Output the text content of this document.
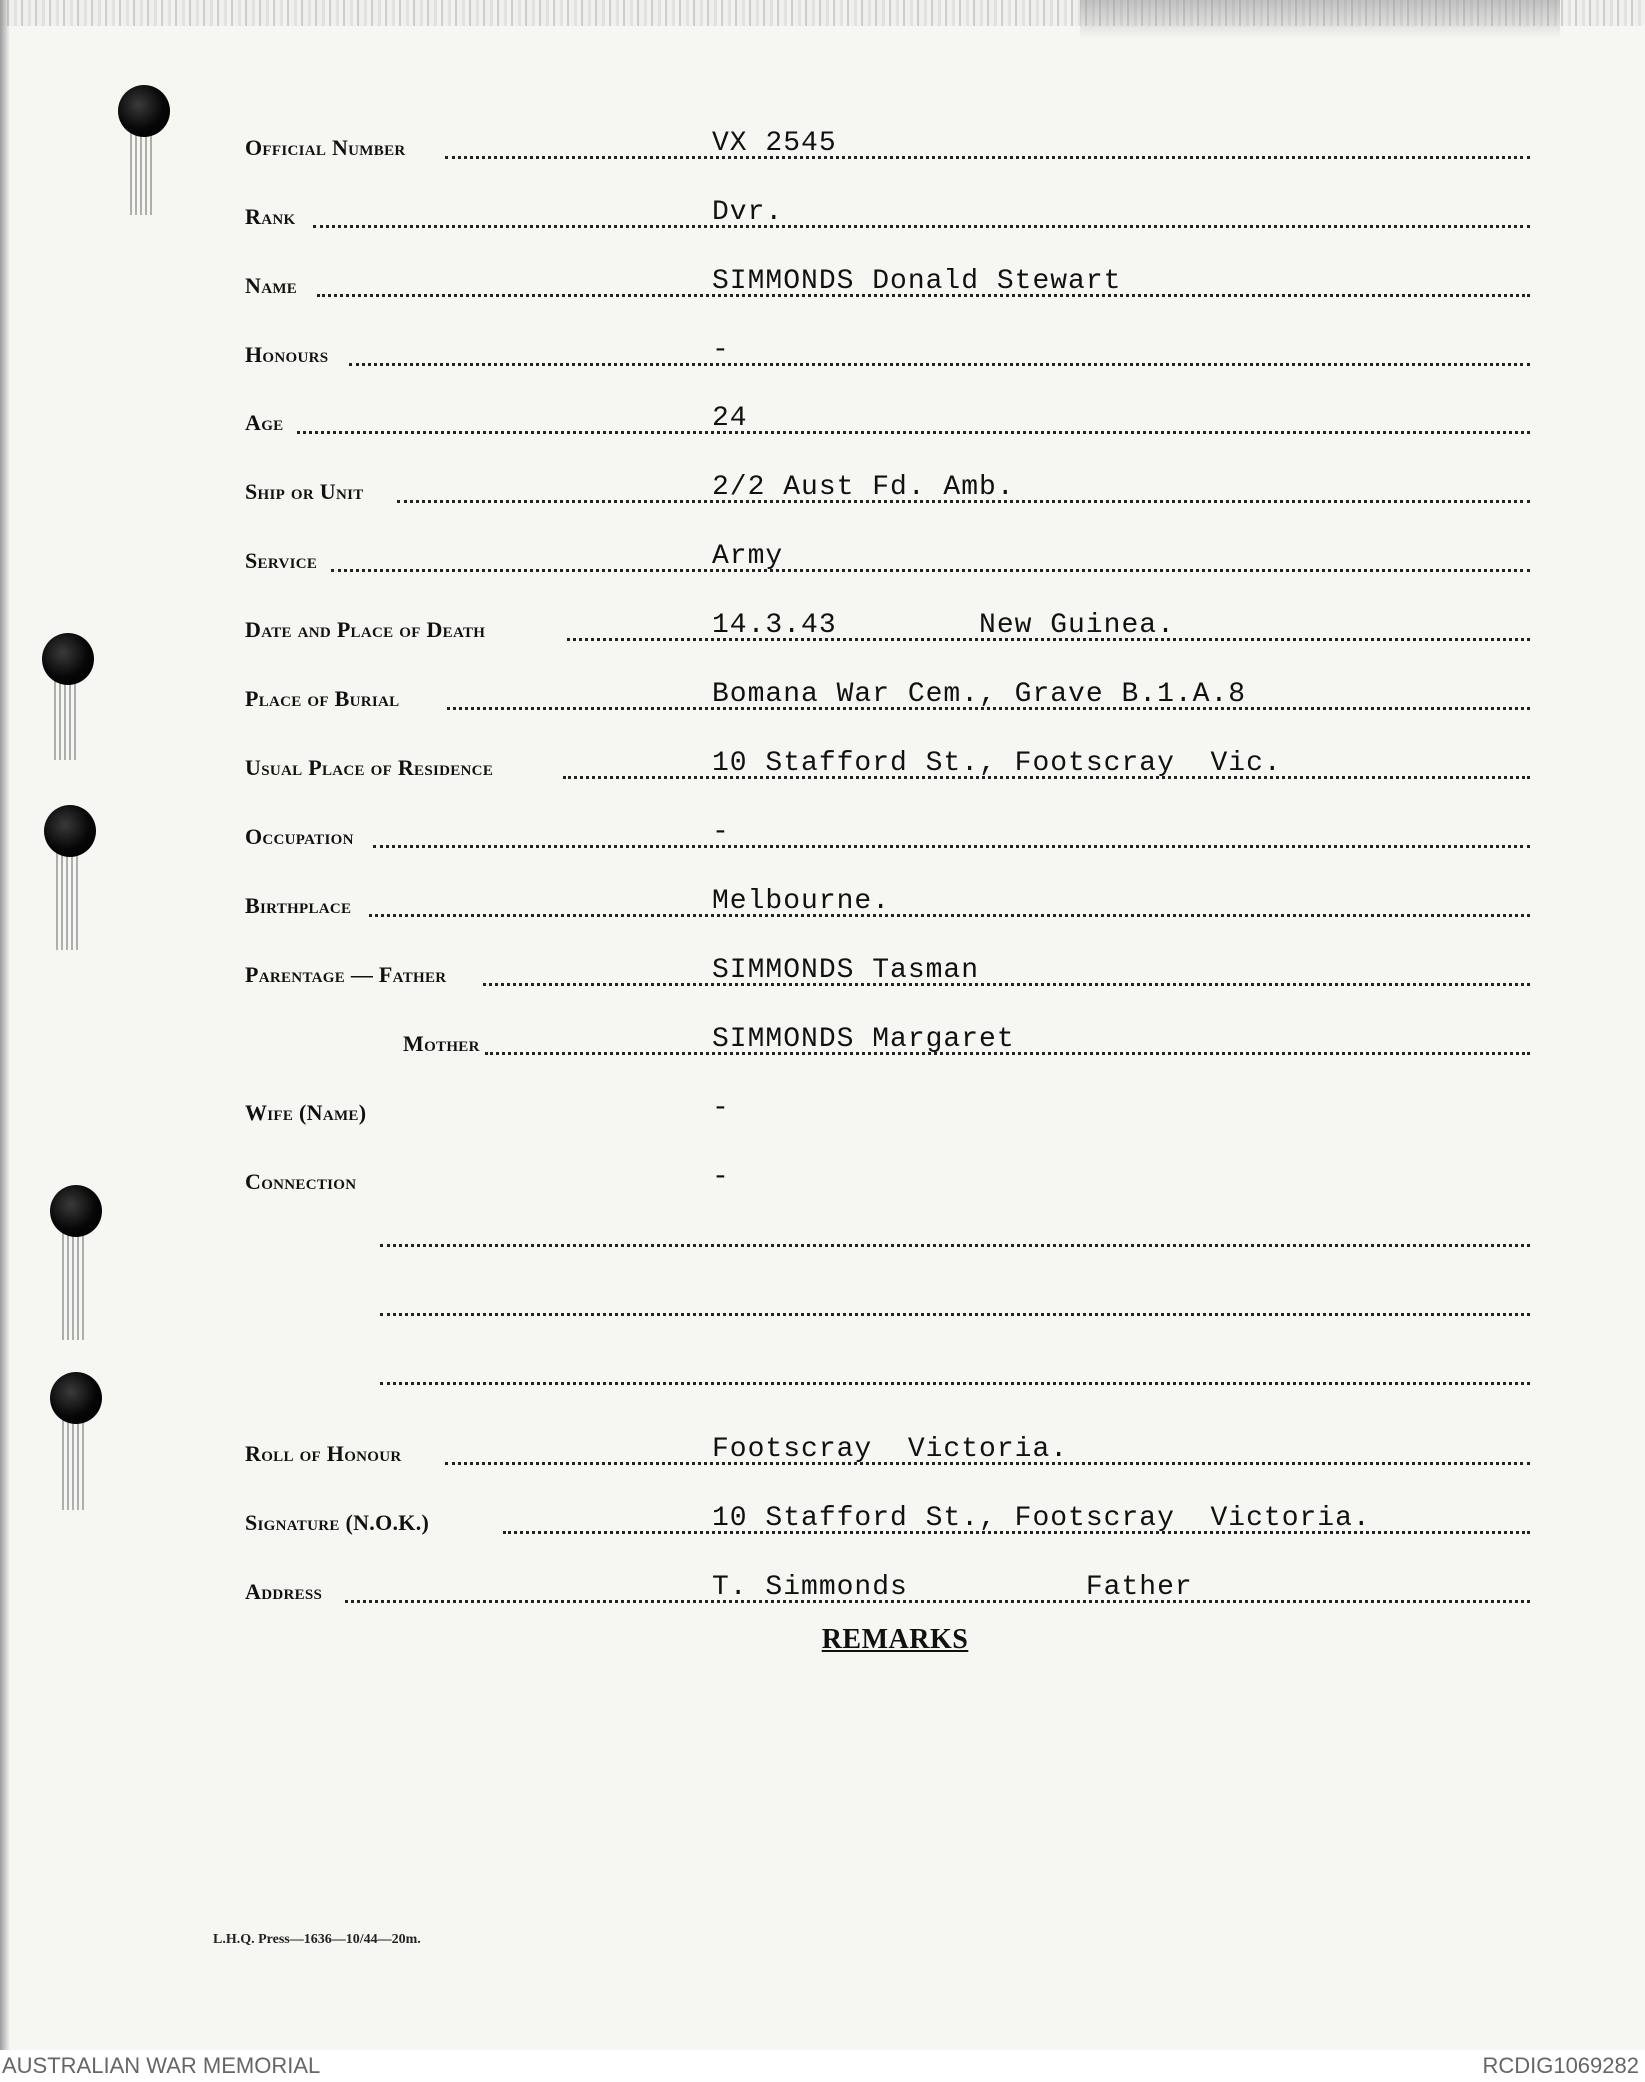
Official Number	VX 2545
Rank	Dvr.
Name	SIMMONDS Donald Stewart
Honours	-
Age	24
Ship or Unit	2/2 Aust Fd. Amb.
Service	Army
Date and Place of Death	14.3.43        New Guinea.
Place of Burial	Bomana War Cem., Grave B.1.A.8
Usual Place of Residence	10 Stafford St., Footscray  Vic.
Occupation	-
Birthplace	Melbourne.
Parentage — Father	SIMMONDS Tasman
Mother	SIMMONDS Margaret
Wife (Name)	-
Connection	-
Roll of Honour	Footscray  Victoria.
Signature (N.O.K.)	10 Stafford St., Footscray  Victoria.
Address	T. Simmonds          Father
REMARKS
L.H.Q. Press—1636—10/44—20m.
AUSTRALIAN WAR MEMORIAL	RCDIG1069282
